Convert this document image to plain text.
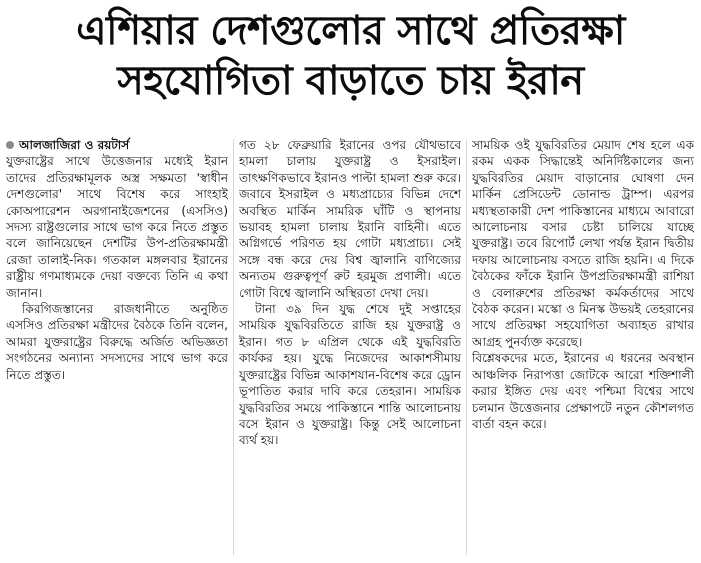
এশিয়ার দেশগুলোর সাথে প্রতিরক্ষা
সহযোগিতা বাড়াতে চায় ইরান
আলজাজিরা ও রয়টার্স

যুক্তরাষ্ট্রের সাথে উত্তেজনার মধ্যেই ইরান তাদের প্রতিরক্ষামূলক অস্ত্র সক্ষমতা 'স্বাধীন দেশগুলোর' সাথে বিশেষ করে সাংহাই কোঅপারেশন অরগানাইজেশনের (এসসিও) সদস্য রাষ্ট্রগুলোর সাথে ভাগ করে নিতে প্রস্তুত বলে জানিয়েছেন দেশটির উপ-প্রতিরক্ষামন্ত্রী রেজা তালাই-নিক। গতকাল মঙ্গলবার ইরানের রাষ্ট্রীয় গণমাধ্যমকে দেয়া বক্তব্যে তিনি এ কথা জানান।

কিরগিজস্তানের রাজধানীতে অনুষ্ঠিত এসসিও প্রতিরক্ষা মন্ত্রীদের বৈঠকে তিনি বলেন, আমরা যুক্তরাষ্ট্রের বিরুদ্ধে অর্জিত অভিজ্ঞতা সংগঠনের অন্যান্য সদস্যদের সাথে ভাগ করে নিতে প্রস্তুত।

গত ২৮ ফেব্রুয়ারি ইরানের ওপর যৌথভাবে হামলা চালায় যুক্তরাষ্ট্র ও ইসরাইল। তাৎক্ষণিকভাবে ইরানও পাল্টা হামলা শুরু করে। জবাবে ইসরাইল ও মধ্যপ্রাচ্যের বিভিন্ন দেশে অবস্থিত মার্কিন সামরিক ঘাঁটি ও স্থাপনায় ভয়াবহ হামলা চালায় ইরানি বাহিনী। এতে অগ্নিগর্ভে পরিণত হয় গোটা মধ্যপ্রাচ্য। সেই সঙ্গে বন্ধ করে দেয় বিশ্ব জ্বালানি বাণিজ্যের অন্যতম গুরুত্বপূর্ণ রুট হরমুজ প্রণালী। এতে গোটা বিশ্বে জ্বালানি অস্থিরতা দেখা দেয়।

টানা ৩৯ দিন যুদ্ধ শেষে দুই সপ্তাহের সাময়িক যুদ্ধবিরতিতে রাজি হয় যুক্তরাষ্ট্র ও ইরান। গত ৮ এপ্রিল থেকে এই যুদ্ধবিরতি কার্যকর হয়। যুদ্ধে নিজেদের আকাশসীমায় যুক্তরাষ্ট্রের বিভিন্ন আকাশযান-বিশেষ করে ড্রোন ভূপাতিত করার দাবি করে তেহরান। সাময়িক যুদ্ধবিরতির সময়ে পাকিস্তানে শান্তি আলোচনায় বসে ইরান ও যুক্তরাষ্ট্র। কিন্তু সেই আলোচনা ব্যর্থ হয়।

সাময়িক ওই যুদ্ধবিরতির মেয়াদ শেষ হলে এক রকম একক সিদ্ধান্তেই অনির্দিষ্টকালের জন্য যুদ্ধবিরতির মেয়াদ বাড়ানোর ঘোষণা দেন মার্কিন প্রেসিডেন্ট ডোনাল্ড ট্রাম্প। এরপর মধ্যস্থতাকারী দেশ পাকিস্তানের মাধ্যমে আবারো আলোচনায় বসার চেষ্টা চালিয়ে যাচ্ছে যুক্তরাষ্ট্র। তবে রিপোর্ট লেখা পর্যন্ত ইরান দ্বিতীয় দফায় আলোচনায় বসতে রাজি হয়নি। এ দিকে বৈঠকের ফাঁকে ইরানি উপপ্রতিরক্ষামন্ত্রী রাশিয়া ও বেলারুশের প্রতিরক্ষা কর্মকর্তাদের সাথে বৈঠক করেন। মস্কো ও মিনস্ক উভয়ই তেহরানের সাথে প্রতিরক্ষা সহযোগিতা অব্যাহত রাখার আগ্রহ পুনর্ব্যক্ত করেছে।

বিশ্লেষকদের মতে, ইরানের এ ধরনের অবস্থান আঞ্চলিক নিরাপত্তা জোটকে আরো শক্তিশালী করার ইঙ্গিত দেয় এবং পশ্চিমা বিশ্বের সাথে চলমান উত্তেজনার প্রেক্ষাপটে নতুন কৌশলগত বার্তা বহন করে।
